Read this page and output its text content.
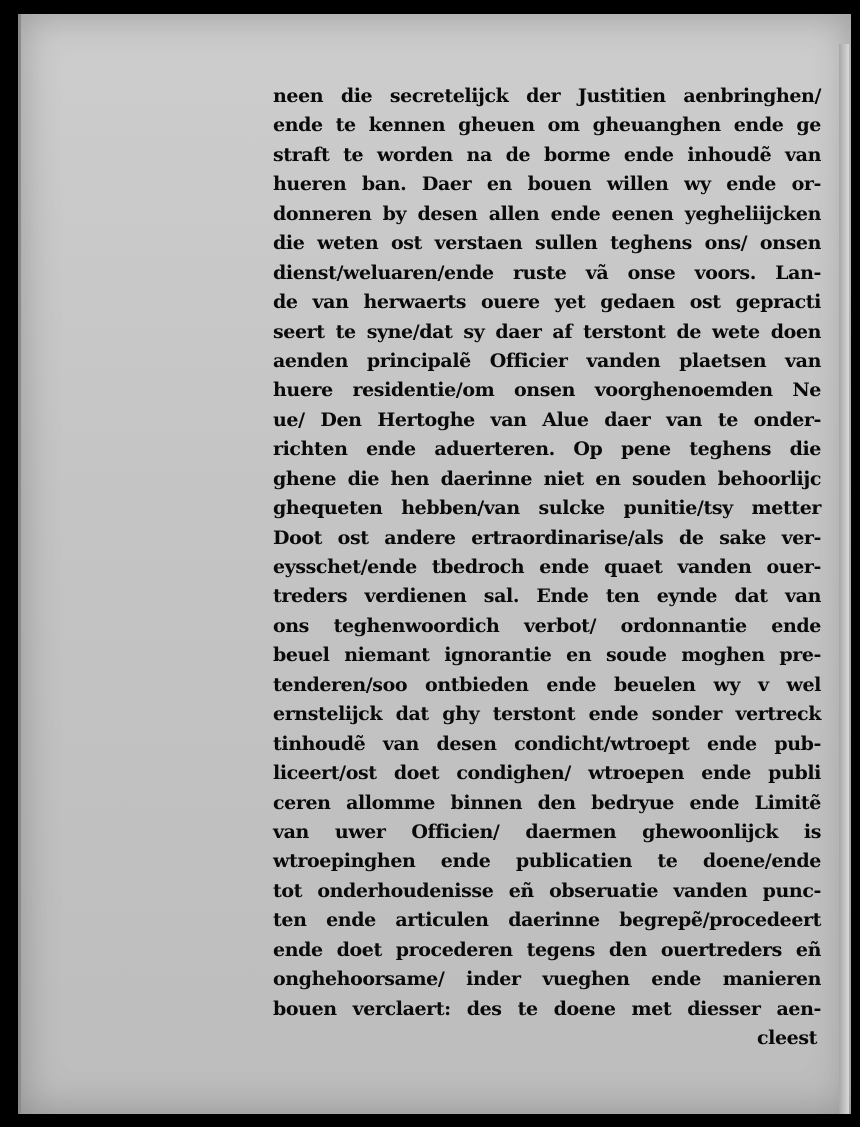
neen die secretelijck der Justitien aenbringhen/
ende te kennen gheuen om gheuanghen ende ge
straft te worden na de borme ende inhoudẽ van
hueren ban. Daer en bouen willen wy ende or-
donneren by desen allen ende eenen yegheliijcken
die weten ost verstaen sullen teghens ons/ onsen
dienst/weluaren/ende ruste vã onse voors. Lan-
de van herwaerts ouere yet gedaen ost gepracti
seert te syne/dat sy daer af terstont de wete doen
aenden principalẽ Officier vanden plaetsen van
huere residentie/om onsen voorghenoemden Ne
ue/ Den Hertoghe van Alue daer van te onder-
richten ende aduerteren. Op pene teghens die
ghene die hen daerinne niet en souden behoorlijc
ghequeten hebben/van sulcke punitie/tsy metter
Doot ost andere ertraordinarise/als de sake ver-
eysschet/ende tbedroch ende quaet vanden ouer-
treders verdienen sal. Ende ten eynde dat van
ons teghenwoordich verbot/ ordonnantie ende
beuel niemant ignorantie en soude moghen pre-
tenderen/soo ontbieden ende beuelen wy v wel
ernstelijck dat ghy terstont ende sonder vertreck
tinhoudẽ van desen condicht/wtroept ende pub-
liceert/ost doet condighen/ wtroepen ende publi
ceren allomme binnen den bedryue ende Limitẽ
van uwer Officien/ daermen ghewoonlijck is
wtroepinghen ende publicatien te doene/ende
tot onderhoudenisse eñ obseruatie vanden punc-
ten ende articulen daerinne begrepẽ/procedeert
ende doet procederen tegens den ouertreders eñ
onghehoorsame/ inder vueghen ende manieren
bouen verclaert: des te doene met diesser aen-
cleest
